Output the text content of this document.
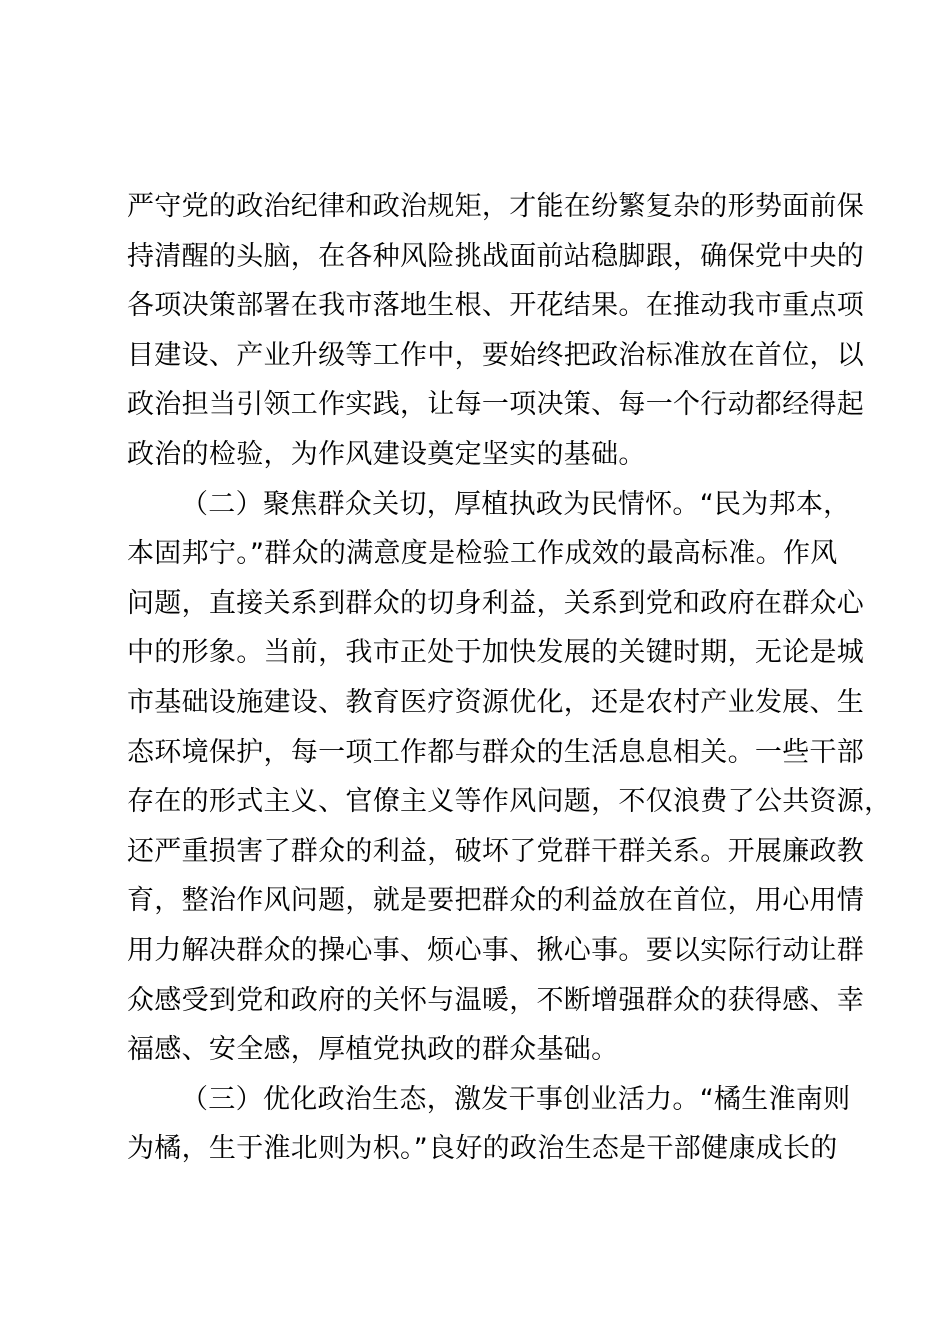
严守党的政治纪律和政治规矩，才能在纷繁复杂的形势面前保
持清醒的头脑，在各种风险挑战面前站稳脚跟，确保党中央的
各项决策部署在我市落地生根、开花结果。在推动我市重点项
目建设、产业升级等工作中，要始终把政治标准放在首位，以
政治担当引领工作实践，让每一项决策、每一个行动都经得起
政治的检验，为作风建设奠定坚实的基础。
（二）聚焦群众关切，厚植执政为民情怀。“民为邦本，
本固邦宁。”群众的满意度是检验工作成效的最高标准。作风
问题，直接关系到群众的切身利益，关系到党和政府在群众心
中的形象。当前，我市正处于加快发展的关键时期，无论是城
市基础设施建设、教育医疗资源优化，还是农村产业发展、生
态环境保护，每一项工作都与群众的生活息息相关。一些干部
存在的形式主义、官僚主义等作风问题，不仅浪费了公共资源，
还严重损害了群众的利益，破坏了党群干群关系。开展廉政教
育，整治作风问题，就是要把群众的利益放在首位，用心用情
用力解决群众的操心事、烦心事、揪心事。要以实际行动让群
众感受到党和政府的关怀与温暖，不断增强群众的获得感、幸
福感、安全感，厚植党执政的群众基础。
（三）优化政治生态，激发干事创业活力。“橘生淮南则
为橘，生于淮北则为枳。”良好的政治生态是干部健康成长的
